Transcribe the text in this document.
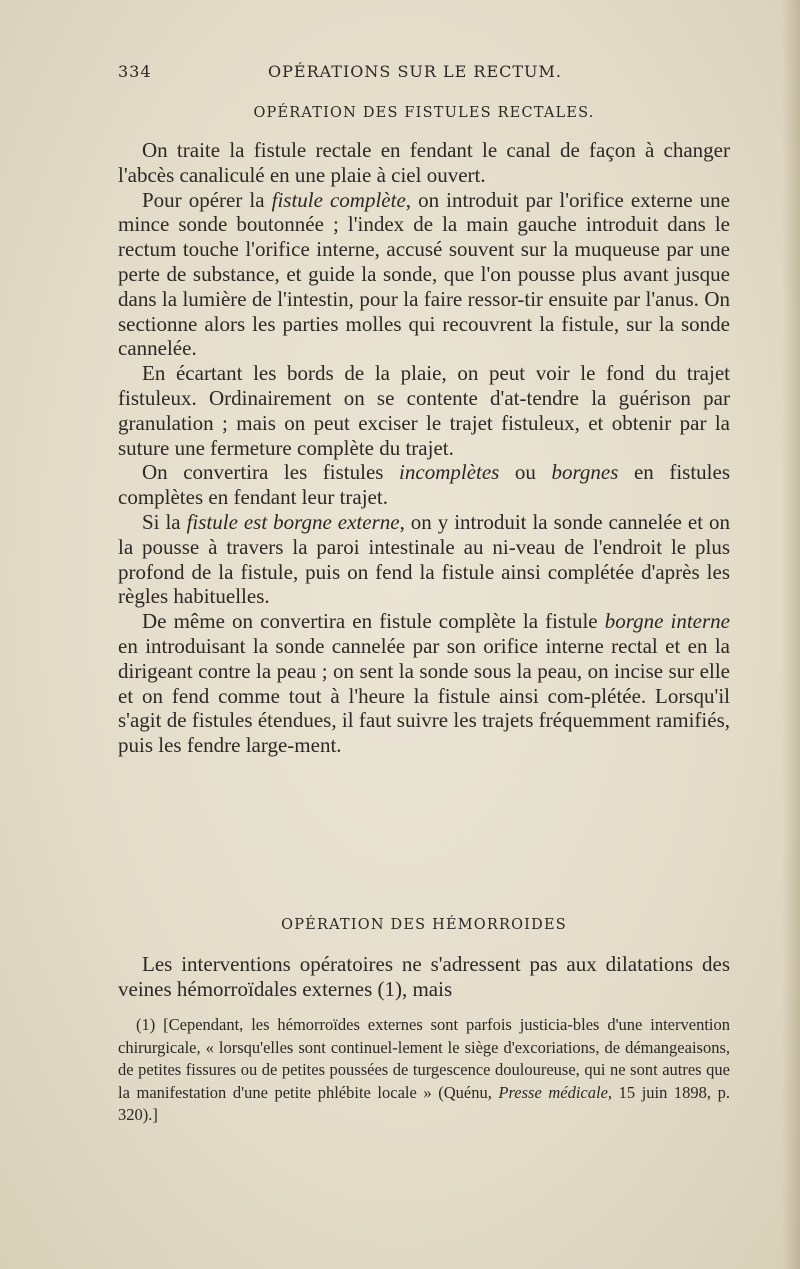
334	OPÉRATIONS SUR LE RECTUM.
OPÉRATION DES FISTULES RECTALES.

On traite la fistule rectale en fendant le canal de façon à changer l'abcès canaliculé en une plaie à ciel ouvert.

Pour opérer la fistule complète, on introduit par l'orifice externe une mince sonde boutonnée ; l'index de la main gauche introduit dans le rectum touche l'orifice interne, accusé souvent sur la muqueuse par une perte de substance, et guide la sonde, que l'on pousse plus avant jusque dans la lumière de l'intestin, pour la faire ressor-tir ensuite par l'anus. On sectionne alors les parties molles qui recouvrent la fistule, sur la sonde cannelée.

En écartant les bords de la plaie, on peut voir le fond du trajet fistuleux. Ordinairement on se contente d'at-tendre la guérison par granulation ; mais on peut exciser le trajet fistuleux, et obtenir par la suture une fermeture complète du trajet.

On convertira les fistules incomplètes ou borgnes en fistules complètes en fendant leur trajet.

Si la fistule est borgne externe, on y introduit la sonde cannelée et on la pousse à travers la paroi intestinale au ni-veau de l'endroit le plus profond de la fistule, puis on fend la fistule ainsi complétée d'après les règles habituelles.

De même on convertira en fistule complète la fistule borgne interne en introduisant la sonde cannelée par son orifice interne rectal et en la dirigeant contre la peau ; on sent la sonde sous la peau, on incise sur elle et on fend comme tout à l'heure la fistule ainsi com-plétée. Lorsqu'il s'agit de fistules étendues, il faut suivre les trajets fréquemment ramifiés, puis les fendre large-ment.

OPÉRATION DES HÉMORROIDES

Les interventions opératoires ne s'adressent pas aux dilatations des veines hémorroïdales externes (1), mais

(1) [Cependant, les hémorroïdes externes sont parfois justicia-bles d'une intervention chirurgicale, « lorsqu'elles sont continuel-lement le siège d'excoriations, de démangeaisons, de petites fissures ou de petites poussées de turgescence douloureuse, qui ne sont autres que la manifestation d'une petite phlébite locale » (Quénu, Presse médicale, 15 juin 1898, p. 320).]
